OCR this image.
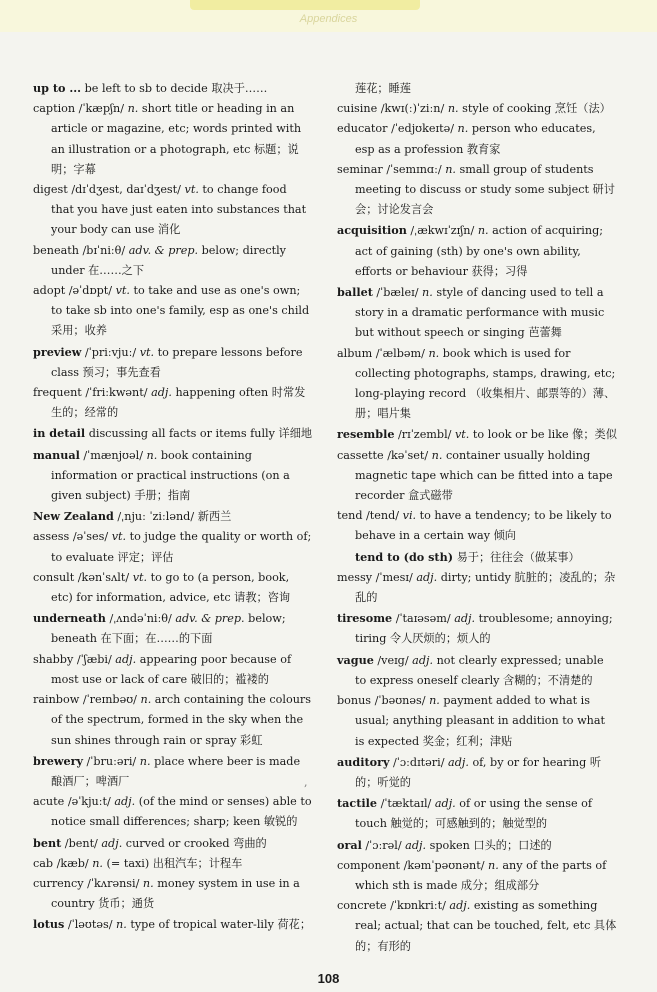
Appendices
up to ... be left to sb to decide 取决于……
caption /ˈkæpʃn/ n. short title or heading in an article or magazine, etc; words printed with an illustration or a photograph, etc 标题；说明；字幕
digest /dɪˈdʒest, daɪˈdʒest/ vt. to change food that you have just eaten into substances that your body can use 消化
beneath /bɪˈniːθ/ adv. & prep. below; directly under 在……之下
adopt /əˈdɒpt/ vt. to take and use as one's own; to take sb into one's family, esp as one's child 采用；收养
preview /ˈpriːvjuː/ vt. to prepare lessons before class 预习；事先查看
frequent /ˈfriːkwənt/ adj. happening often 时常发生的；经常的
in detail discussing all facts or items fully 详细地
manual /ˈmænjʊəl/ n. book containing information or practical instructions (on a given subject) 手册；指南
New Zealand /ˌnjuː ˈziːlənd/ 新西兰
assess /əˈses/ vt. to judge the quality or worth of; to evaluate 评定；评估
consult /kənˈsʌlt/ vt. to go to (a person, book, etc) for information, advice, etc 请教；咨询
underneath /ˌʌndəˈniːθ/ adv. & prep. below; beneath 在下面；在……的下面
shabby /ˈʃæbi/ adj. appearing poor because of most use or lack of care 破旧的；褴褛的
rainbow /ˈreɪnbəʊ/ n. arch containing the colours of the spectrum, formed in the sky when the sun shines through rain or spray 彩虹
brewery /ˈbruːəri/ n. place where beer is made 酿酒厂；啤酒厂
acute /əˈkjuːt/ adj. (of the mind or senses) able to notice small differences; sharp; keen 敏锐的
bent /bent/ adj. curved or crooked 弯曲的
cab /kæb/ n. (= taxi) 出租汽车；计程车
currency /ˈkʌrənsi/ n. money system in use in a country 货币；通货
lotus /ˈləʊtəs/ n. type of tropical water-lily 荷花；
莲花；睡莲
cuisine /kwɪ(ː)ˈziːn/ n. style of cooking 烹饪（法）
educator /ˈedjʊkeɪtə/ n. person who educates, esp as a profession 教育家
seminar /ˈsemɪnɑː/ n. small group of students meeting to discuss or study some subject 研讨会；讨论发言会
acquisition /ˌækwɪˈzɪʃn/ n. action of acquiring; act of gaining (sth) by one's own ability, efforts or behaviour 获得；习得
ballet /ˈbæleɪ/ n. style of dancing used to tell a story in a dramatic performance with music but without speech or singing 芭蕾舞
album /ˈælbəm/ n. book which is used for collecting photographs, stamps, drawing, etc; long-playing record （收集相片、邮票等的）薄、册；唱片集
resemble /rɪˈzembl/ vt. to look or be like 像；类似
cassette /kəˈset/ n. container usually holding magnetic tape which can be fitted into a tape recorder 盒式磁带
tend /tend/ vi. to have a tendency; to be likely to behave in a certain way 倾向
tend to (do sth) 易于；往往会（做某事）
messy /ˈmesɪ/ adj. dirty; untidy 肮脏的；凌乱的；杂乱的
tiresome /ˈtaɪəsəm/ adj. troublesome; annoying; tiring 令人厌烦的；烦人的
vague /veɪg/ adj. not clearly expressed; unable to express oneself clearly 含糊的；不清楚的
bonus /ˈbəʊnəs/ n. payment added to what is usual; anything pleasant in addition to what is expected 奖金；红利；津贴
auditory /ˈɔːdɪtəri/ adj. of, by or for hearing 听的；听觉的
tactile /ˈtæktaɪl/ adj. of or using the sense of touch 触觉的；可感触到的；触觉型的
oral /ˈɔːrəl/ adj. spoken 口头的；口述的
component /kəmˈpəʊnənt/ n. any of the parts of which sth is made 成分；组成部分
concrete /ˈkɒnkriːt/ adj. existing as something real; actual; that can be touched, felt, etc 具体的；有形的
,
108
